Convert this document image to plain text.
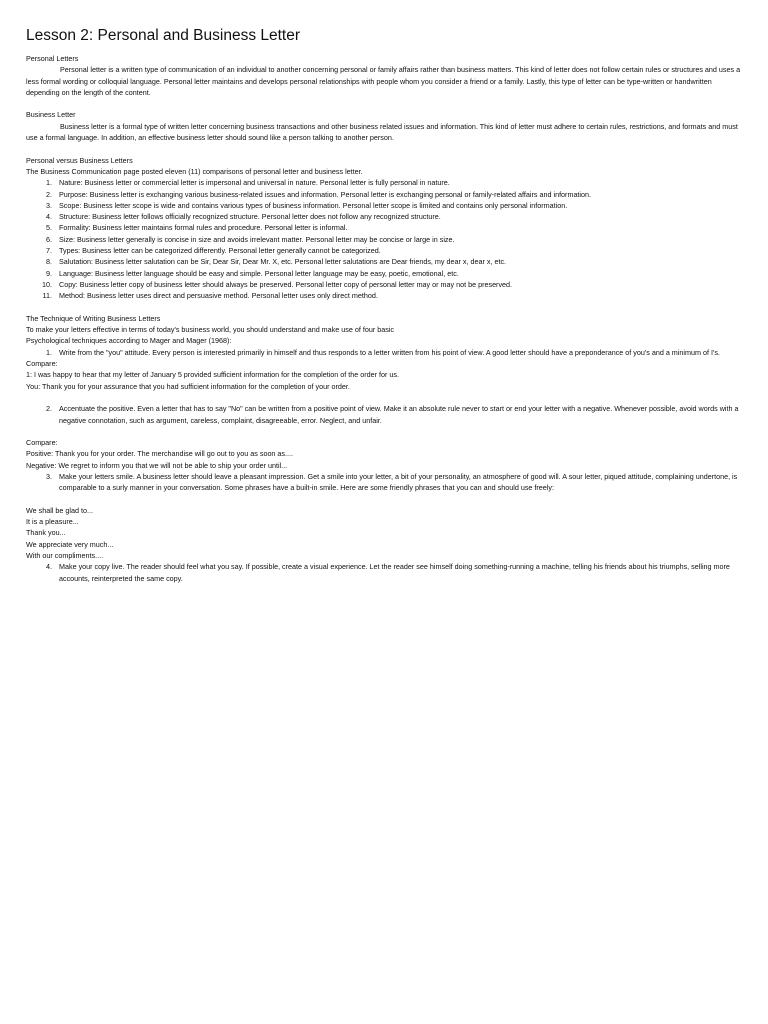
Lesson 2: Personal and Business Letter
Personal Letters
Personal letter is a written type of communication of an individual to another concerning personal or family affairs rather than business matters. This kind of letter does not follow certain rules or structures and uses a less formal wording or colloquial language. Personal letter maintains and develops personal relationships with people whom you consider a friend or a family. Lastly, this type of letter can be type-written or handwritten depending on the length of the content.
Business Letter
Business letter is a formal type of written letter concerning business transactions and other business related issues and information. This kind of letter must adhere to certain rules, restrictions, and formats and must use a formal language. In addition, an effective business letter should sound like a person talking to another person.
Personal versus Business Letters
The Business Communication page posted eleven (11) comparisons of personal letter and business letter.
1. Nature: Business letter or commercial letter is impersonal and universal in nature. Personal letter is fully personal in nature.
2. Purpose: Business letter is exchanging various business-related issues and information. Personal letter is exchanging personal or family-related affairs and information.
3. Scope: Business letter scope is wide and contains various types of business information. Personal letter scope is limited and contains only personal information.
4. Structure: Business letter follows officially recognized structure. Personal letter does not follow any recognized structure.
5. Formality: Business letter maintains formal rules and procedure. Personal letter is informal.
6. Size: Business letter generally is concise in size and avoids irrelevant matter. Personal letter may be concise or large in size.
7. Types: Business letter can be categorized differently. Personal letter generally cannot be categorized.
8. Salutation: Business letter salutation can be Sir, Dear Sir, Dear Mr. X, etc. Personal letter salutations are Dear friends, my dear x, dear x, etc.
9. Language: Business letter language should be easy and simple. Personal letter language may be easy, poetic, emotional, etc.
10. Copy: Business letter copy of business letter should always be preserved. Personal letter copy of personal letter may or may not be preserved.
11. Method: Business letter uses direct and persuasive method. Personal letter uses only direct method.
The Technique of Writing Business Letters
To make your letters effective in terms of today's business world, you should understand and make use of four basic
Psychological techniques according to Mager and Mager (1968):
1. Write from the "you" attitude. Every person is interested primarily in himself and thus responds to a letter written from his point of view. A good letter should have a preponderance of you's and a minimum of I's.
Compare:
1: I was happy to hear that my letter of January 5 provided sufficient information for the completion of the order for us.
You: Thank you for your assurance that you had sufficient information for the completion of your order.
2. Accentuate the positive. Even a letter that has to say "No" can be written from a positive point of view. Make it an absolute rule never to start or end your letter with a negative. Whenever possible, avoid words with a negative connotation, such as argument, careless, complaint, disagreeable, error. Neglect, and unfair.
Compare:
Positive: Thank you for your order. The merchandise will go out to you as soon as....
Negative: We regret to inform you that we will not be able to ship your order until...
3. Make your letters smile. A business letter should leave a pleasant impression. Get a smile into your letter, a bit of your personality, an atmosphere of good will. A sour letter, piqued attitude, complaining undertone, is comparable to a surly manner in your conversation. Some phrases have a built-in smile. Here are some friendly phrases that you can and should use freely:
We shall be glad to...
It is a pleasure...
Thank you...
We appreciate very much...
With our compliments....
4. Make your copy live. The reader should feel what you say. If possible, create a visual experience. Let the reader see himself doing something-running a machine, telling his friends about his triumphs, selling more accounts, reinterpreted the same copy.
